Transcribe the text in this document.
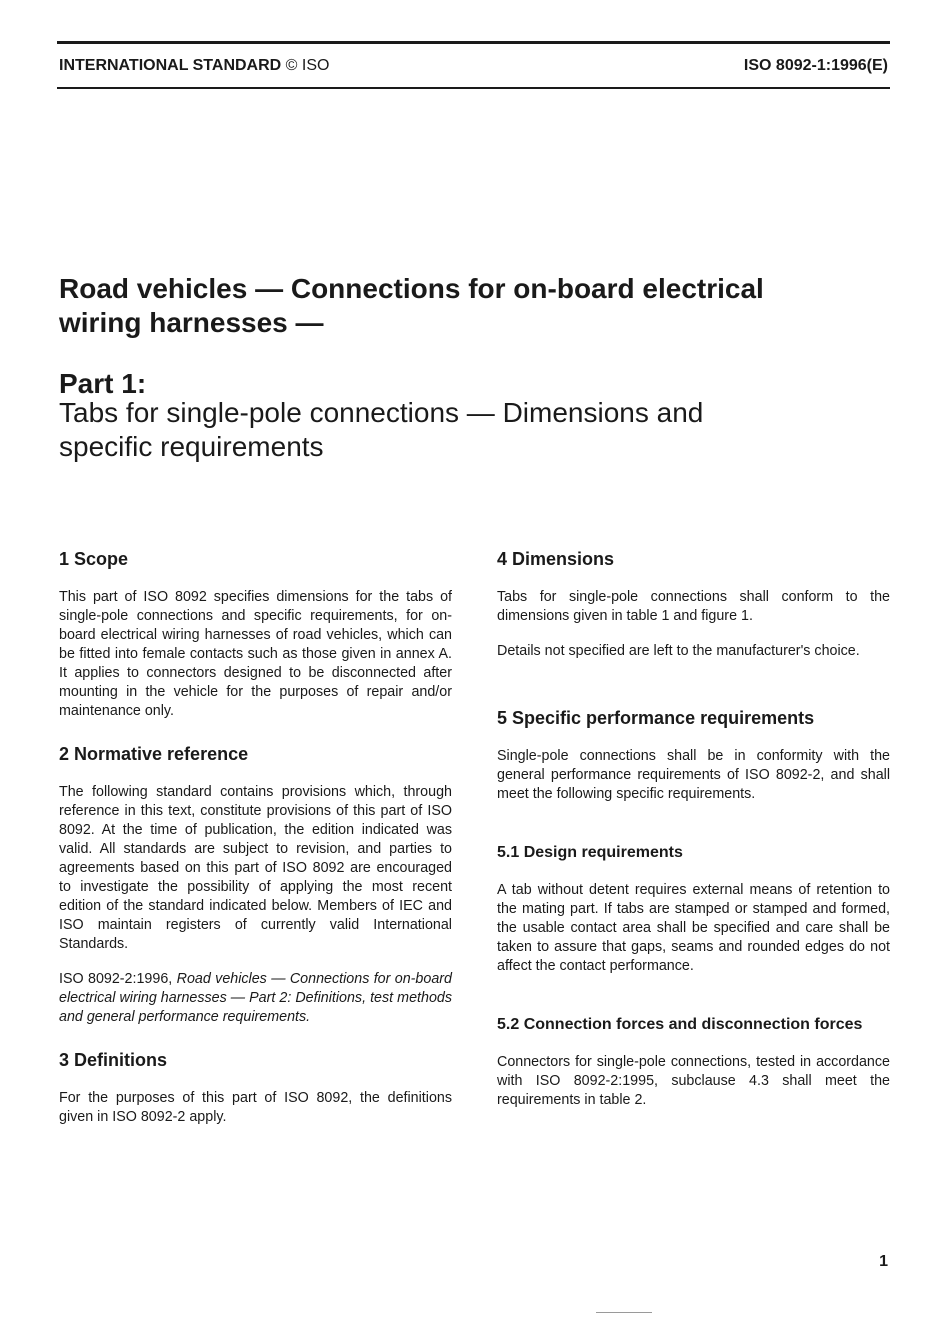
INTERNATIONAL STANDARD © ISO	ISO 8092-1:1996(E)
Road vehicles — Connections for on-board electrical
wiring harnesses —
Part 1:
Tabs for single-pole connections — Dimensions and
specific requirements
1 Scope

This part of ISO 8092 specifies dimensions for the tabs of single-pole connections and specific requirements, for on-board electrical wiring harnesses of road vehicles, which can be fitted into female contacts such as those given in annex A. It applies to connectors designed to be disconnected after mounting in the vehicle for the purposes of repair and/or maintenance only.

2 Normative reference

The following standard contains provisions which, through reference in this text, constitute provisions of this part of ISO 8092. At the time of publication, the edition indicated was valid. All standards are subject to revision, and parties to agreements based on this part of ISO 8092 are encouraged to investigate the possibility of applying the most recent edition of the standard indicated below. Members of IEC and ISO maintain registers of currently valid International Standards.

ISO 8092-2:1996, Road vehicles — Connections for on-board electrical wiring harnesses — Part 2: Definitions, test methods and general performance requirements.

3 Definitions

For the purposes of this part of ISO 8092, the definitions given in ISO 8092-2 apply.

4 Dimensions

Tabs for single-pole connections shall conform to the dimensions given in table 1 and figure 1.

Details not specified are left to the manufacturer's choice.

5 Specific performance requirements

Single-pole connections shall be in conformity with the general performance requirements of ISO 8092-2, and shall meet the following specific requirements.

5.1 Design requirements

A tab without detent requires external means of retention to the mating part. If tabs are stamped or stamped and formed, the usable contact area shall be specified and care shall be taken to assure that gaps, seams and rounded edges do not affect the contact performance.

5.2 Connection forces and disconnection forces

Connectors for single-pole connections, tested in accordance with ISO 8092-2:1995, subclause 4.3 shall meet the requirements in table 2.

1
